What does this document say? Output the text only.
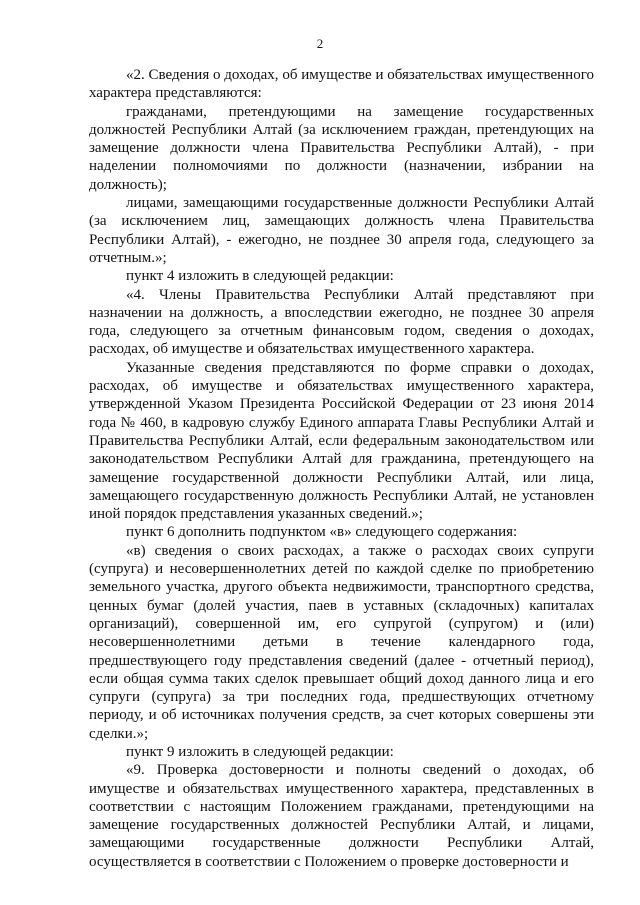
2

«2. Сведения о доходах, об имуществе и обязательствах имущественного характера представляются:

гражданами, претендующими на замещение государственных должностей Республики Алтай (за исключением граждан, претендующих на замещение должности члена Правительства Республики Алтай), - при наделении полномочиями по должности (назначении, избрании на должность);

лицами, замещающими государственные должности Республики Алтай (за исключением лиц, замещающих должность члена Правительства Республики Алтай), - ежегодно, не позднее 30 апреля года, следующего за отчетным.»;

пункт 4 изложить в следующей редакции:

«4. Члены Правительства Республики Алтай представляют при назначении на должность, а впоследствии ежегодно, не позднее 30 апреля года, следующего за отчетным финансовым годом, сведения о доходах, расходах, об имуществе и обязательствах имущественного характера.

Указанные сведения представляются по форме справки о доходах, расходах, об имуществе и обязательствах имущественного характера, утвержденной Указом Президента Российской Федерации от 23 июня 2014 года № 460, в кадровую службу Единого аппарата Главы Республики Алтай и Правительства Республики Алтай, если федеральным законодательством или законодательством Республики Алтай для гражданина, претендующего на замещение государственной должности Республики Алтай, или лица, замещающего государственную должность Республики Алтай, не установлен иной порядок представления указанных сведений.»;

пункт 6 дополнить подпунктом «в» следующего содержания:

«в) сведения о своих расходах, а также о расходах своих супруги (супруга) и несовершеннолетних детей по каждой сделке по приобретению земельного участка, другого объекта недвижимости, транспортного средства, ценных бумаг (долей участия, паев в уставных (складочных) капиталах организаций), совершенной им, его супругой (супругом) и (или) несовершеннолетними детьми в течение календарного года, предшествующего году представления сведений (далее - отчетный период), если общая сумма таких сделок превышает общий доход данного лица и его супруги (супруга) за три последних года, предшествующих отчетному периоду, и об источниках получения средств, за счет которых совершены эти сделки.»;

пункт 9 изложить в следующей редакции:

«9. Проверка достоверности и полноты сведений о доходах, об имуществе и обязательствах имущественного характера, представленных в соответствии с настоящим Положением гражданами, претендующими на замещение государственных должностей Республики Алтай, и лицами, замещающими государственные должности Республики Алтай, осуществляется в соответствии с Положением о проверке достоверности и
